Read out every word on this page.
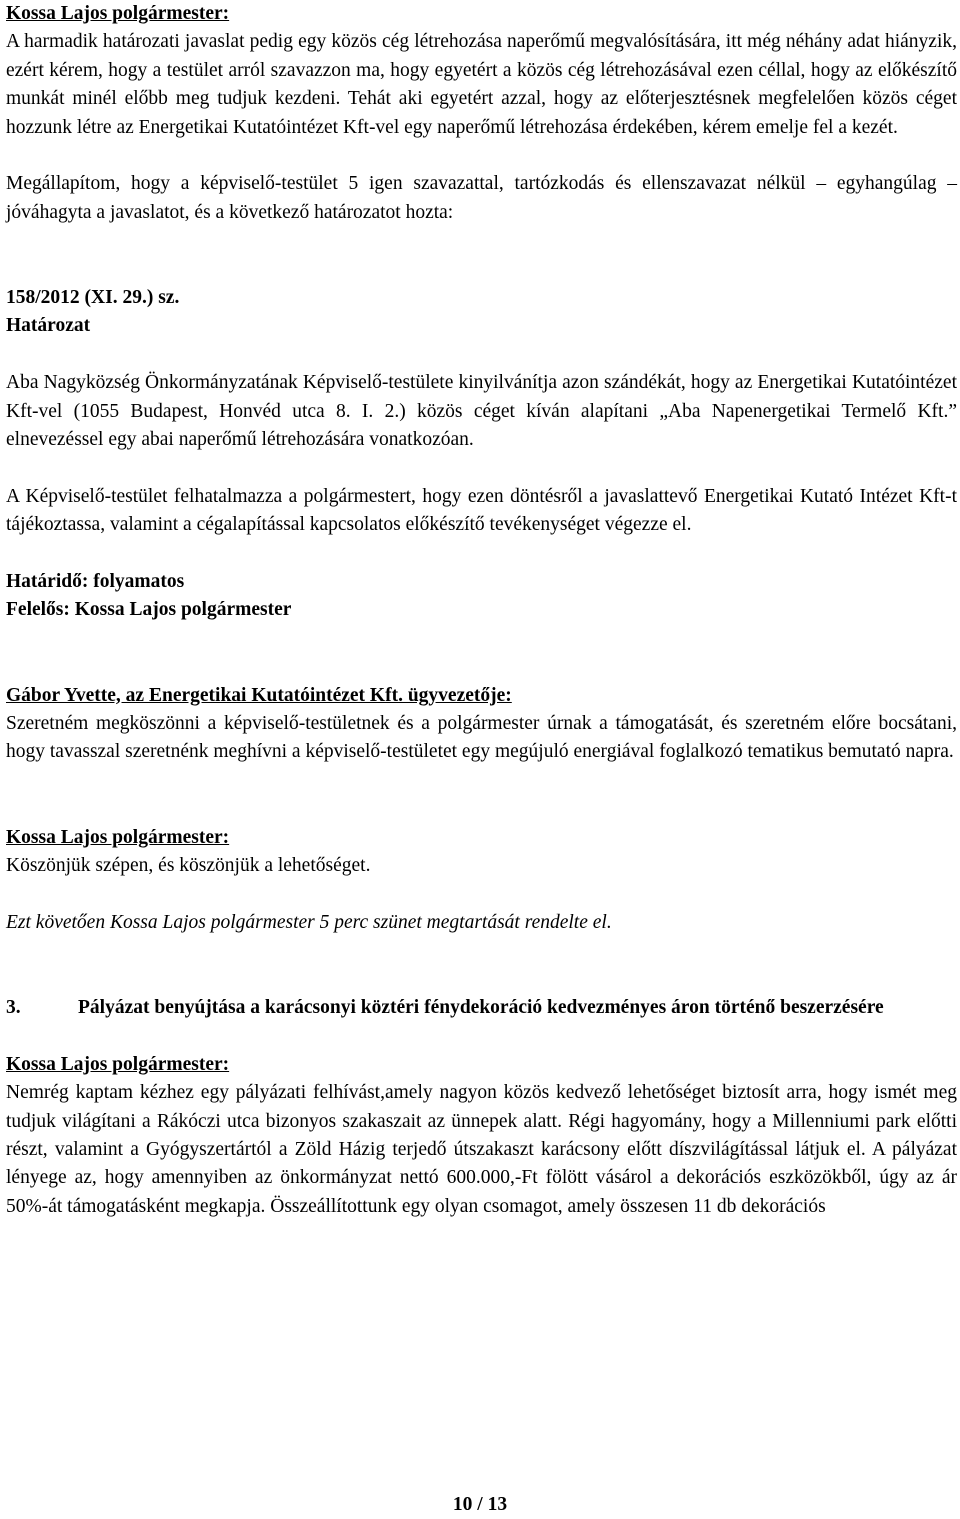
Kossa Lajos polgármester:

A harmadik határozati javaslat pedig egy közös cég létrehozása naperőmű megvalósítására, itt még néhány adat hiányzik, ezért kérem, hogy a testület arról szavazzon ma, hogy egyetért a közös cég létrehozásával ezen céllal, hogy az előkészítő munkát minél előbb meg tudjuk kezdeni. Tehát aki egyetért azzal, hogy az előterjesztésnek megfelelően közös céget hozzunk létre az Energetikai Kutatóintézet Kft-vel egy naperőmű létrehozása érdekében, kérem emelje fel a kezét.

Megállapítom, hogy a képviselő-testület 5 igen szavazattal, tartózkodás és ellenszavazat nélkül – egyhangúlag – jóváhagyta a javaslatot, és a következő határozatot hozta:

158/2012 (XI. 29.) sz.

Határozat

Aba Nagyközség Önkormányzatának Képviselő-testülete kinyilvánítja azon szándékát, hogy az Energetikai Kutatóintézet Kft-vel (1055 Budapest, Honvéd utca 8. I. 2.) közös céget kíván alapítani „Aba Napenergetikai Termelő Kft.” elnevezéssel egy abai naperőmű létrehozására vonatkozóan.

A Képviselő-testület felhatalmazza a polgármestert, hogy ezen döntésről a javaslattevő Energetikai Kutató Intézet Kft-t tájékoztassa, valamint a cégalapítással kapcsolatos előkészítő tevékenységet végezze el.

Határidő: folyamatos

Felelős: Kossa Lajos polgármester

Gábor Yvette, az Energetikai Kutatóintézet Kft. ügyvezetője:

Szeretném megköszönni a képviselő-testületnek és a polgármester úrnak a támogatását, és szeretném előre bocsátani, hogy tavasszal szeretnénk meghívni a képviselő-testületet egy megújuló energiával foglalkozó tematikus bemutató napra.

Kossa Lajos polgármester:

Köszönjük szépen, és köszönjük a lehetőséget.

Ezt követően Kossa Lajos polgármester 5 perc szünet megtartását rendelte el.

3.	Pályázat benyújtása a karácsonyi köztéri fénydekoráció kedvezményes áron történő beszerzésére

Kossa Lajos polgármester:

Nemrég kaptam kézhez egy pályázati felhívást,amely nagyon közös kedvező lehetőséget biztosít arra, hogy ismét meg tudjuk világítani a Rákóczi utca bizonyos szakaszait az ünnepek alatt. Régi hagyomány, hogy a Millenniumi park előtti részt, valamint a Gyógyszertártól a Zöld Házig terjedő útszakaszt karácsony előtt díszvilágítással látjuk el. A pályázat lényege az, hogy amennyiben az önkormányzat nettó 600.000,-Ft fölött vásárol a dekorációs eszközökből, úgy az ár 50%-át támogatásként megkapja. Összeállítottunk egy olyan csomagot, amely összesen 11 db dekorációs

10 / 13
